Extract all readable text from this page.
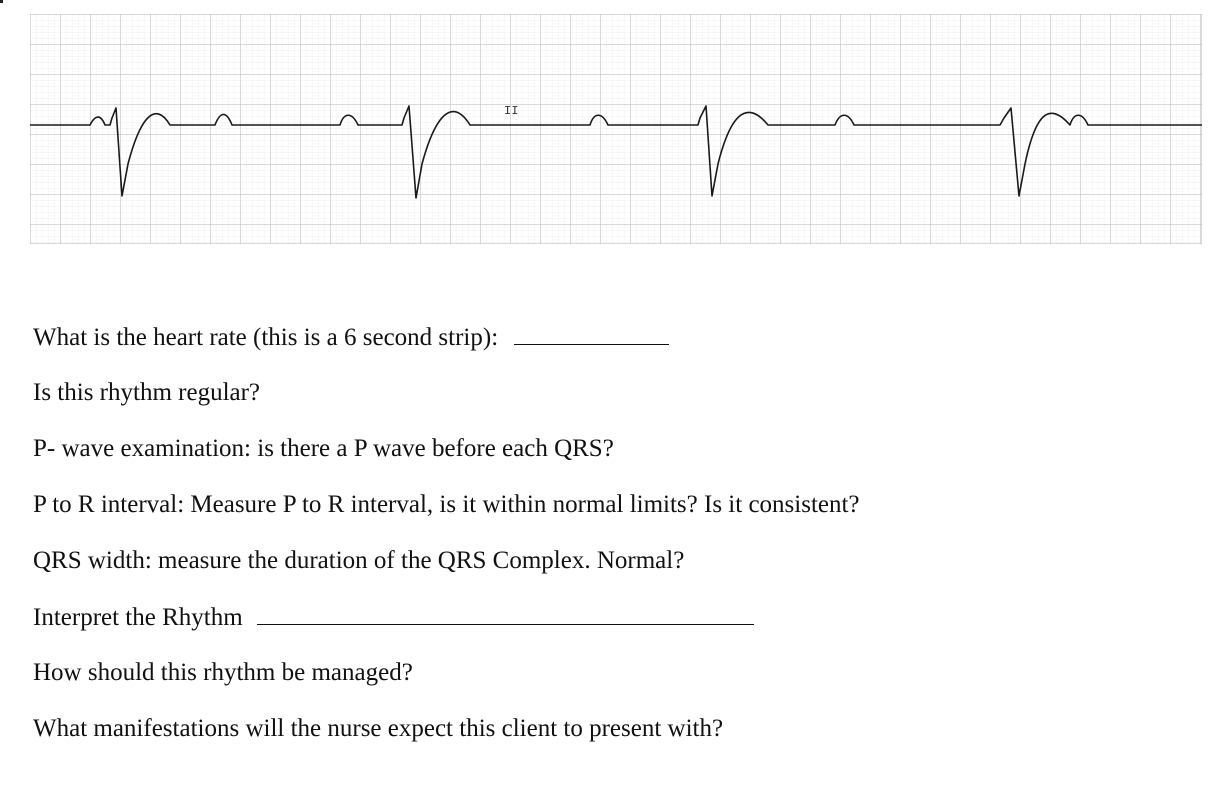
II
What is the heart rate (this is a 6 second strip):
Is this rhythm regular?
P- wave examination: is there a P wave before each QRS?
P to R interval: Measure P to R interval, is it within normal limits? Is it consistent?
QRS width: measure the duration of the QRS Complex. Normal?
Interpret the Rhythm
How should this rhythm be managed?
What manifestations will the nurse expect this client to present with?
